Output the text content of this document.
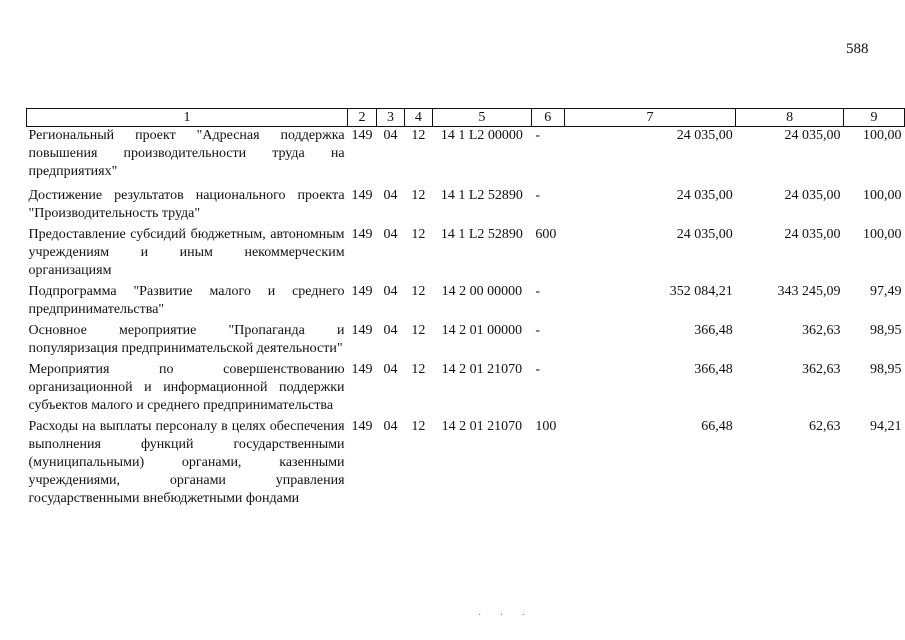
588
1	2	3	4	5	6	7	8	9
Региональный проект "Адресная поддержка повышения производительности труда на предприятиях"	149	04	12	14 1 L2 00000	-	24 035,00	24 035,00	100,00
Достижение результатов национального проекта "Производительность труда"	149	04	12	14 1 L2 52890	-	24 035,00	24 035,00	100,00
Предоставление субсидий бюджетным, автономным учреждениям и иным некоммерческим организациям	149	04	12	14 1 L2 52890	600	24 035,00	24 035,00	100,00
Подпрограмма "Развитие малого и среднего предпринимательства"	149	04	12	14 2 00 00000	-	352 084,21	343 245,09	97,49
Основное мероприятие "Пропаганда и популяризация предпринимательской деятельности"	149	04	12	14 2 01 00000	-	366,48	362,63	98,95
Мероприятия по совершенствованию организационной и информационной поддержки субъектов малого и среднего предпринимательства	149	04	12	14 2 01 21070	-	366,48	362,63	98,95
Расходы на выплаты персоналу в целях обеспечения выполнения функций государственными (муниципальными) органами, казенными учреждениями, органами управления государственными внебюджетными фондами	149	04	12	14 2 01 21070	100	66,48	62,63	94,21
· · ·
